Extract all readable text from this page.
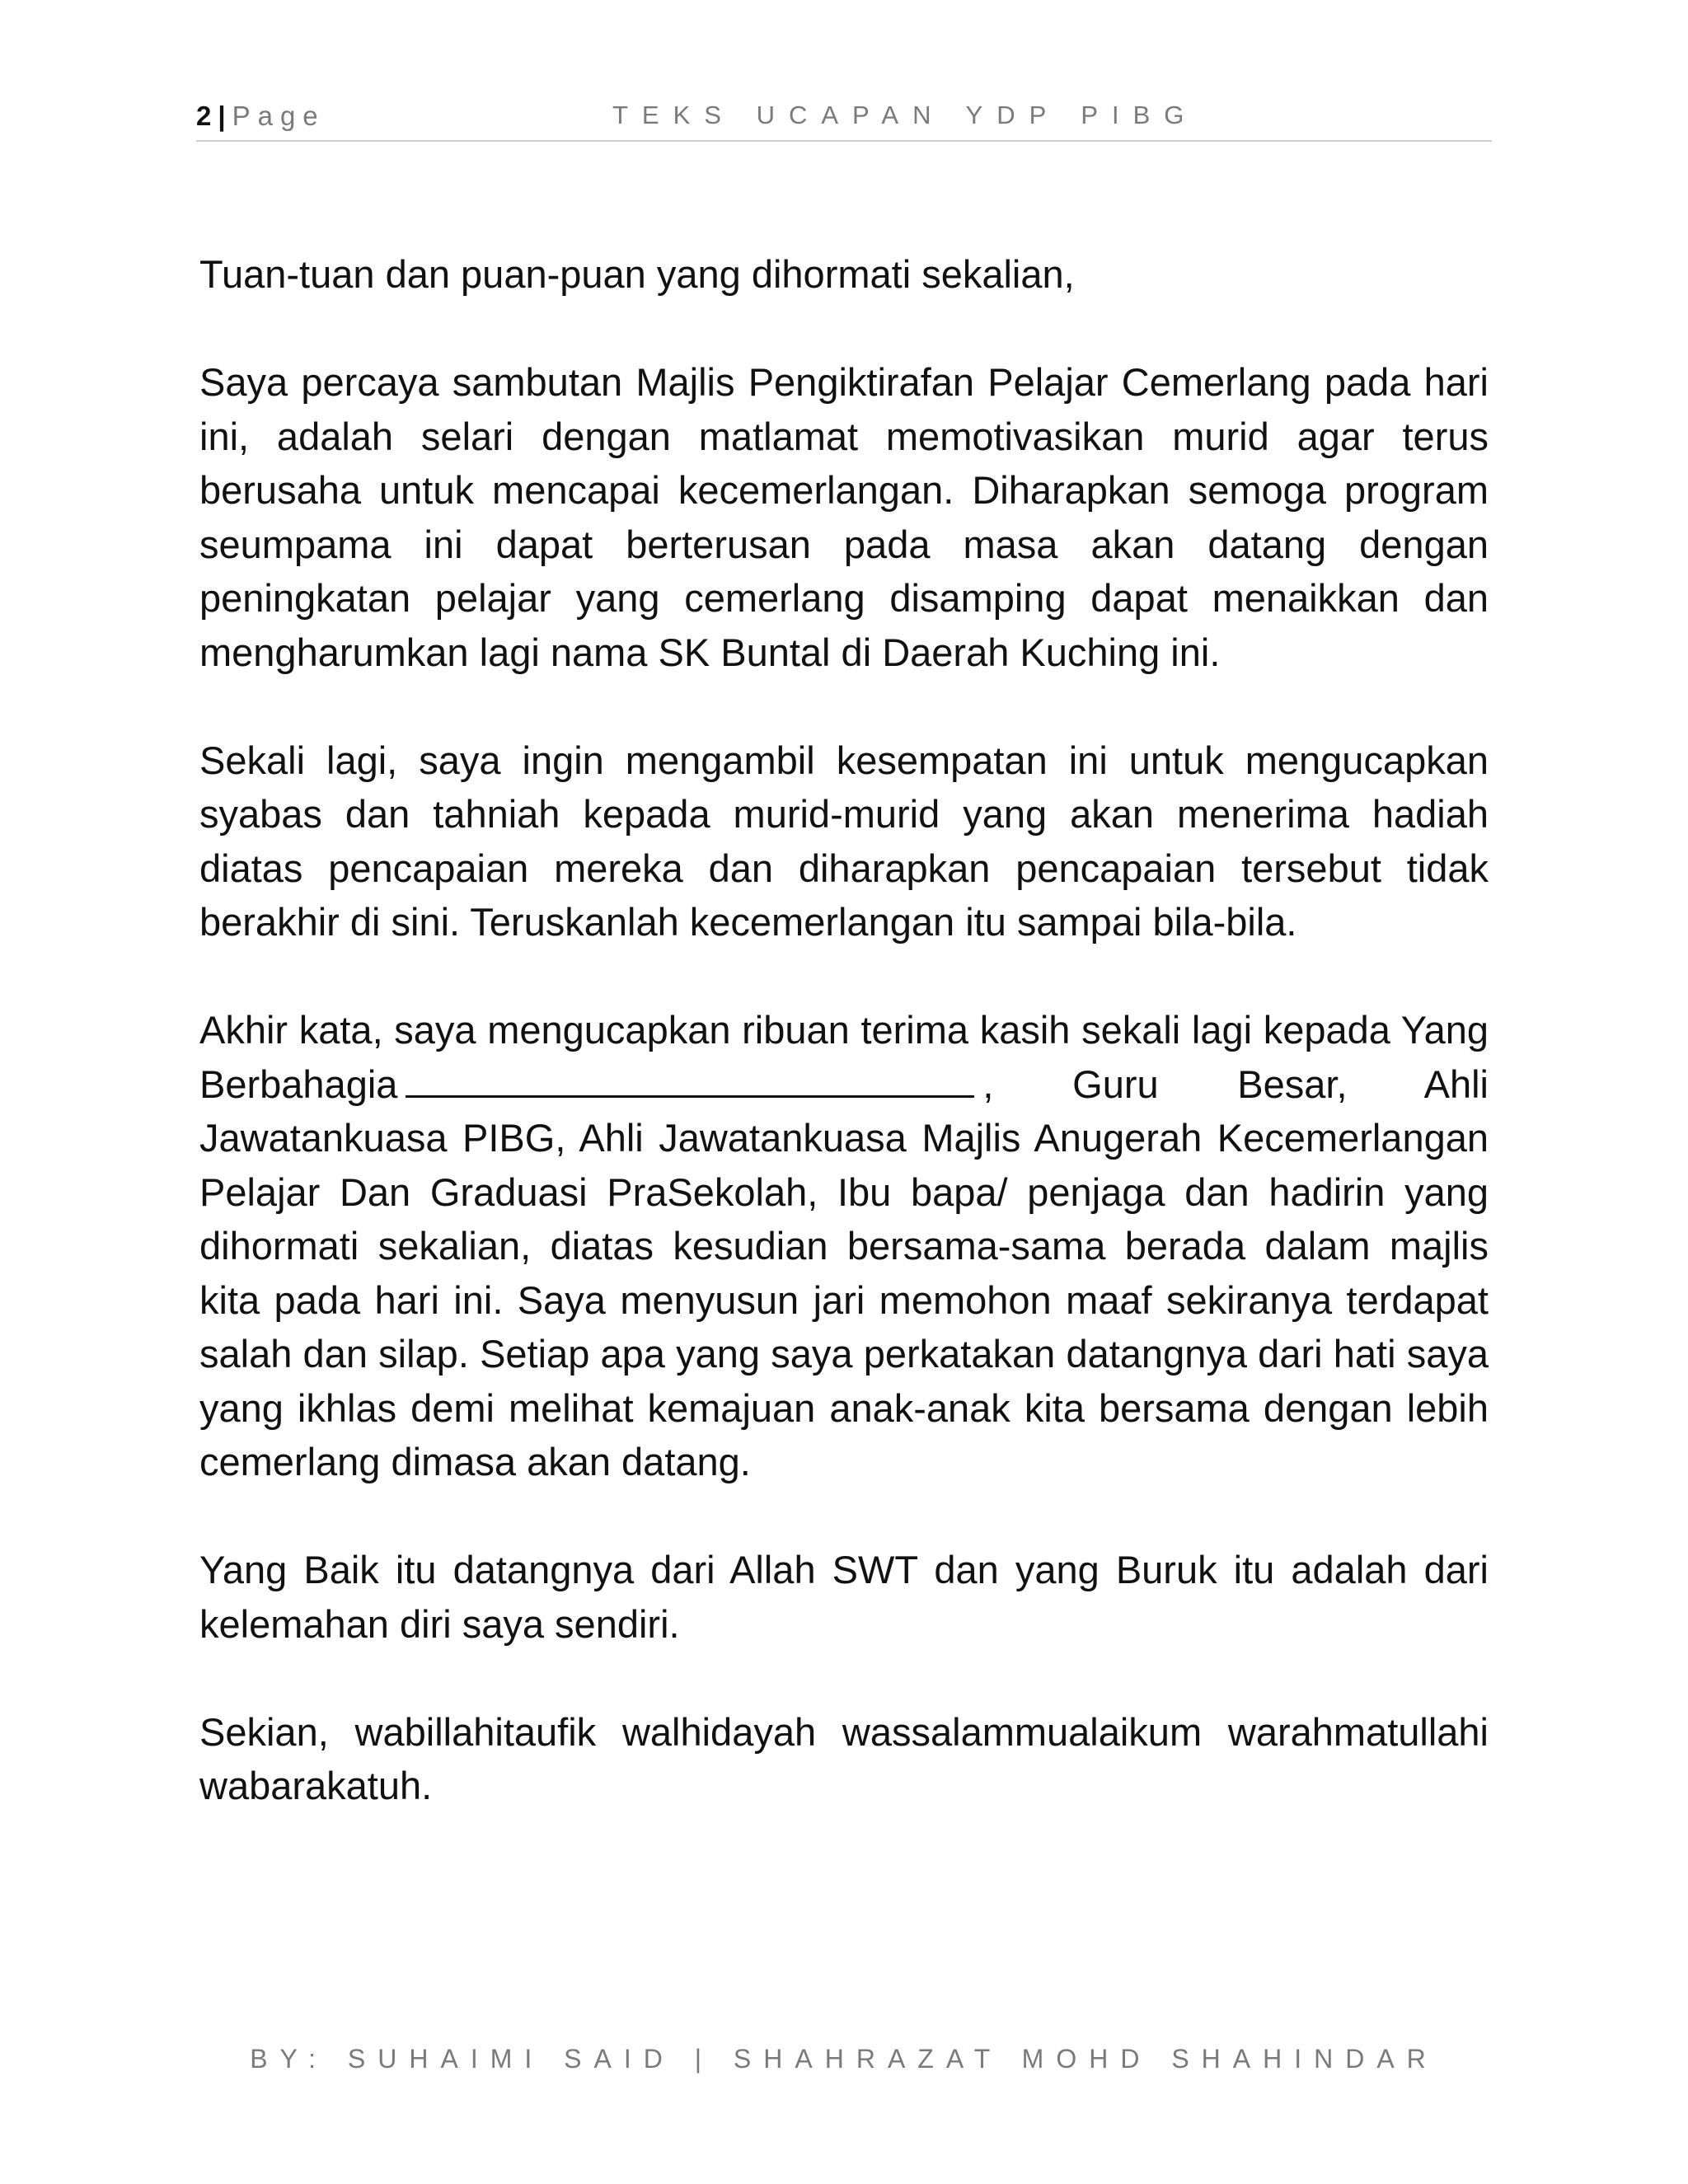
2 | Page	TEKS UCAPAN YDP PIBG

Tuan-tuan dan puan-puan yang dihormati sekalian,

Saya percaya sambutan Majlis Pengiktirafan Pelajar Cemerlang pada hari ini, adalah selari dengan matlamat memotivasikan murid agar terus berusaha untuk mencapai kecemerlangan. Diharapkan semoga program seumpama ini dapat berterusan pada masa akan datang dengan peningkatan pelajar yang cemerlang disamping dapat menaikkan dan mengharumkan lagi nama SK Buntal di Daerah Kuching ini.

Sekali lagi, saya ingin mengambil kesempatan ini untuk mengucapkan syabas dan tahniah kepada murid-murid yang akan menerima hadiah diatas pencapaian mereka dan diharapkan pencapaian tersebut tidak berakhir di sini. Teruskanlah kecemerlangan itu sampai bila-bila.

Akhir kata, saya mengucapkan ribuan terima kasih sekali lagi kepada Yang Berbahagia	, Guru Besar, Ahli Jawatankuasa PIBG, Ahli Jawatankuasa Majlis Anugerah Kecemerlangan Pelajar Dan Graduasi PraSekolah, Ibu bapa/ penjaga dan hadirin yang dihormati sekalian, diatas kesudian bersama-sama berada dalam majlis kita pada hari ini. Saya menyusun jari memohon maaf sekiranya terdapat salah dan silap. Setiap apa yang saya perkatakan datangnya dari hati saya yang ikhlas demi melihat kemajuan anak-anak kita bersama dengan lebih cemerlang dimasa akan datang.

Yang Baik itu datangnya dari Allah SWT dan yang Buruk itu adalah dari kelemahan diri saya sendiri.

Sekian, wabillahitaufik walhidayah wassalammualaikum warahmatullahi wabarakatuh.

BY: SUHAIMI SAID | SHAHRAZAT MOHD SHAHINDAR
